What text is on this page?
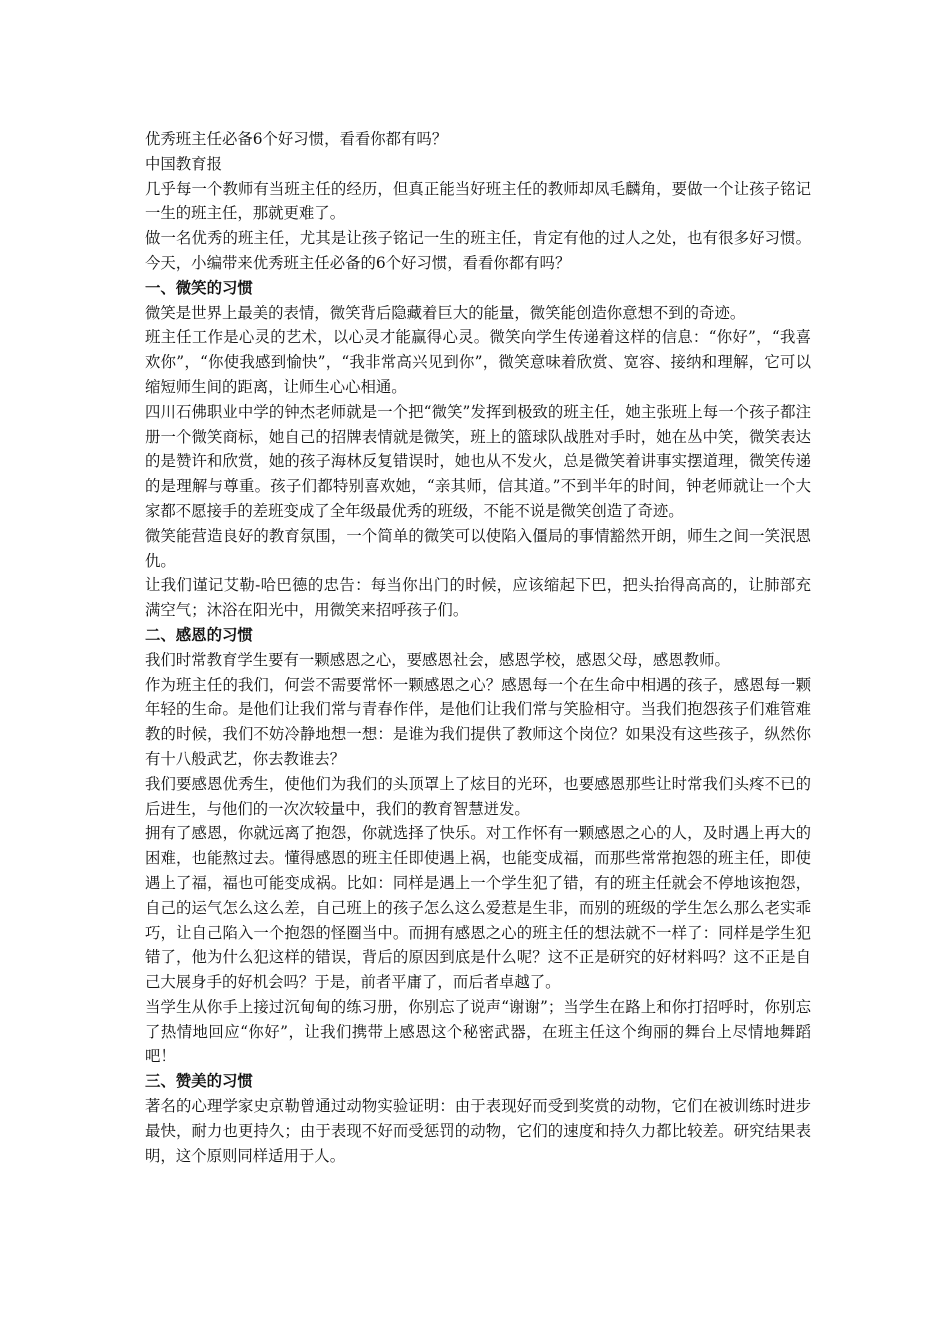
优秀班主任必备6个好习惯，看看你都有吗？

中国教育报

几乎每一个教师有当班主任的经历，但真正能当好班主任的教师却凤毛麟角，要做一个让孩子铭记一生的班主任，那就更难了。

做一名优秀的班主任，尤其是让孩子铭记一生的班主任，肯定有他的过人之处，也有很多好习惯。今天，小编带来优秀班主任必备的6个好习惯，看看你都有吗？

一、微笑的习惯

微笑是世界上最美的表情，微笑背后隐藏着巨大的能量，微笑能创造你意想不到的奇迹。

班主任工作是心灵的艺术，以心灵才能赢得心灵。微笑向学生传递着这样的信息：“你好”，“我喜欢你”，“你使我感到愉快”，“我非常高兴见到你”，微笑意味着欣赏、宽容、接纳和理解，它可以缩短师生间的距离，让师生心心相通。

四川石佛职业中学的钟杰老师就是一个把“微笑”发挥到极致的班主任，她主张班上每一个孩子都注册一个微笑商标，她自己的招牌表情就是微笑，班上的篮球队战胜对手时，她在丛中笑，微笑表达的是赞许和欣赏，她的孩子海林反复错误时，她也从不发火，总是微笑着讲事实摆道理，微笑传递的是理解与尊重。孩子们都特别喜欢她，“亲其师，信其道。”不到半年的时间，钟老师就让一个大家都不愿接手的差班变成了全年级最优秀的班级，不能不说是微笑创造了奇迹。

微笑能营造良好的教育氛围，一个简单的微笑可以使陷入僵局的事情豁然开朗，师生之间一笑泯恩仇。

让我们谨记艾勒-哈巴德的忠告：每当你出门的时候，应该缩起下巴，把头抬得高高的，让肺部充满空气；沐浴在阳光中，用微笑来招呼孩子们。

二、感恩的习惯

我们时常教育学生要有一颗感恩之心，要感恩社会，感恩学校，感恩父母，感恩教师。

作为班主任的我们，何尝不需要常怀一颗感恩之心？感恩每一个在生命中相遇的孩子，感恩每一颗年轻的生命。是他们让我们常与青春作伴，是他们让我们常与笑脸相守。当我们抱怨孩子们难管难教的时候，我们不妨冷静地想一想：是谁为我们提供了教师这个岗位？如果没有这些孩子，纵然你有十八般武艺，你去教谁去？

我们要感恩优秀生，使他们为我们的头顶罩上了炫目的光环，也要感恩那些让时常我们头疼不已的后进生，与他们的一次次较量中，我们的教育智慧迸发。

拥有了感恩，你就远离了抱怨，你就选择了快乐。对工作怀有一颗感恩之心的人，及时遇上再大的困难，也能熬过去。懂得感恩的班主任即使遇上祸，也能变成福，而那些常常抱怨的班主任，即使遇上了福，福也可能变成祸。比如：同样是遇上一个学生犯了错，有的班主任就会不停地该抱怨，自己的运气怎么这么差，自己班上的孩子怎么这么爱惹是生非，而别的班级的学生怎么那么老实乖巧，让自己陷入一个抱怨的怪圈当中。而拥有感恩之心的班主任的想法就不一样了：同样是学生犯错了，他为什么犯这样的错误，背后的原因到底是什么呢？这不正是研究的好材料吗？这不正是自己大展身手的好机会吗？于是，前者平庸了，而后者卓越了。

当学生从你手上接过沉甸甸的练习册，你别忘了说声“谢谢”；当学生在路上和你打招呼时，你别忘了热情地回应“你好”，让我们携带上感恩这个秘密武器，在班主任这个绚丽的舞台上尽情地舞蹈吧！

三、赞美的习惯

著名的心理学家史京勒曾通过动物实验证明：由于表现好而受到奖赏的动物，它们在被训练时进步最快，耐力也更持久；由于表现不好而受惩罚的动物，它们的速度和持久力都比较差。研究结果表明，这个原则同样适用于人。
